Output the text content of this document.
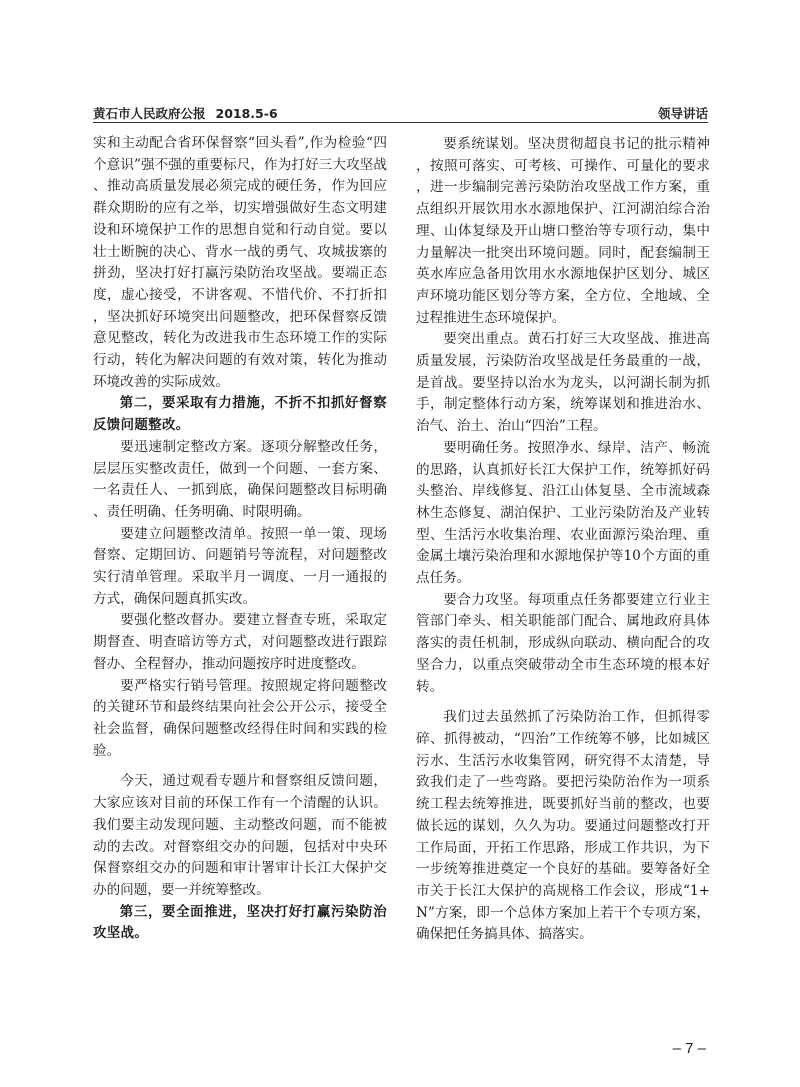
黄石市人民政府公报 2018.5-6	领导讲话

实和主动配合省环保督察“回头看”,作为检验“四个意识”强不强的重要标尺，作为打好三大攻坚战、推动高质量发展必须完成的硬任务，作为回应群众期盼的应有之举，切实增强做好生态文明建设和环境保护工作的思想自觉和行动自觉。要以壮士断腕的决心、背水一战的勇气、攻城拔寨的拼劲，坚决打好打赢污染防治攻坚战。要端正态度，虚心接受，不讲客观、不惜代价、不打折扣，坚决抓好环境突出问题整改，把环保督察反馈意见整改，转化为改进我市生态环境工作的实际行动，转化为解决问题的有效对策，转化为推动环境改善的实际成效。

第二，要采取有力措施，不折不扣抓好督察反馈问题整改。

要迅速制定整改方案。逐项分解整改任务，层层压实整改责任，做到一个问题、一套方案、一名责任人、一抓到底，确保问题整改目标明确、责任明确、任务明确、时限明确。

要建立问题整改清单。按照一单一策、现场督察、定期回访、问题销号等流程，对问题整改实行清单管理。采取半月一调度、一月一通报的方式，确保问题真抓实改。

要强化整改督办。要建立督查专班，采取定期督查、明查暗访等方式，对问题整改进行跟踪督办、全程督办，推动问题按序时进度整改。

要严格实行销号管理。按照规定将问题整改的关键环节和最终结果向社会公开公示，接受全社会监督，确保问题整改经得住时间和实践的检验。

今天，通过观看专题片和督察组反馈问题，大家应该对目前的环保工作有一个清醒的认识。我们要主动发现问题、主动整改问题，而不能被动的去改。对督察组交办的问题，包括对中央环保督察组交办的问题和审计署审计长江大保护交办的问题，要一并统筹整改。

第三，要全面推进，坚决打好打赢污染防治攻坚战。

要系统谋划。坚决贯彻超良书记的批示精神，按照可落实、可考核、可操作、可量化的要求，进一步编制完善污染防治攻坚战工作方案，重点组织开展饮用水水源地保护、江河湖泊综合治理、山体复绿及开山塘口整治等专项行动，集中力量解决一批突出环境问题。同时，配套编制王英水库应急备用饮用水水源地保护区划分、城区声环境功能区划分等方案，全方位、全地域、全过程推进生态环境保护。

要突出重点。黄石打好三大攻坚战、推进高质量发展，污染防治攻坚战是任务最重的一战，是首战。要坚持以治水为龙头，以河湖长制为抓手，制定整体行动方案，统筹谋划和推进治水、治气、治土、治山“四治”工程。

要明确任务。按照净水、绿岸、洁产、畅流的思路，认真抓好长江大保护工作，统筹抓好码头整治、岸线修复、沿江山体复垦、全市流域森林生态修复、湖泊保护、工业污染防治及产业转型、生活污水收集治理、农业面源污染治理、重金属土壤污染治理和水源地保护等10个方面的重点任务。

要合力攻坚。每项重点任务都要建立行业主管部门牵头、相关职能部门配合、属地政府具体落实的责任机制，形成纵向联动、横向配合的攻坚合力，以重点突破带动全市生态环境的根本好转。

我们过去虽然抓了污染防治工作，但抓得零碎、抓得被动，“四治”工作统筹不够，比如城区污水、生活污水收集管网，研究得不太清楚，导致我们走了一些弯路。要把污染防治作为一项系统工程去统筹推进，既要抓好当前的整改，也要做长远的谋划，久久为功。要通过问题整改打开工作局面，开拓工作思路，形成工作共识，为下一步统筹推进奠定一个良好的基础。要筹备好全市关于长江大保护的高规格工作会议，形成“1+N”方案，即一个总体方案加上若干个专项方案，确保把任务搞具体、搞落实。

– 7 –
